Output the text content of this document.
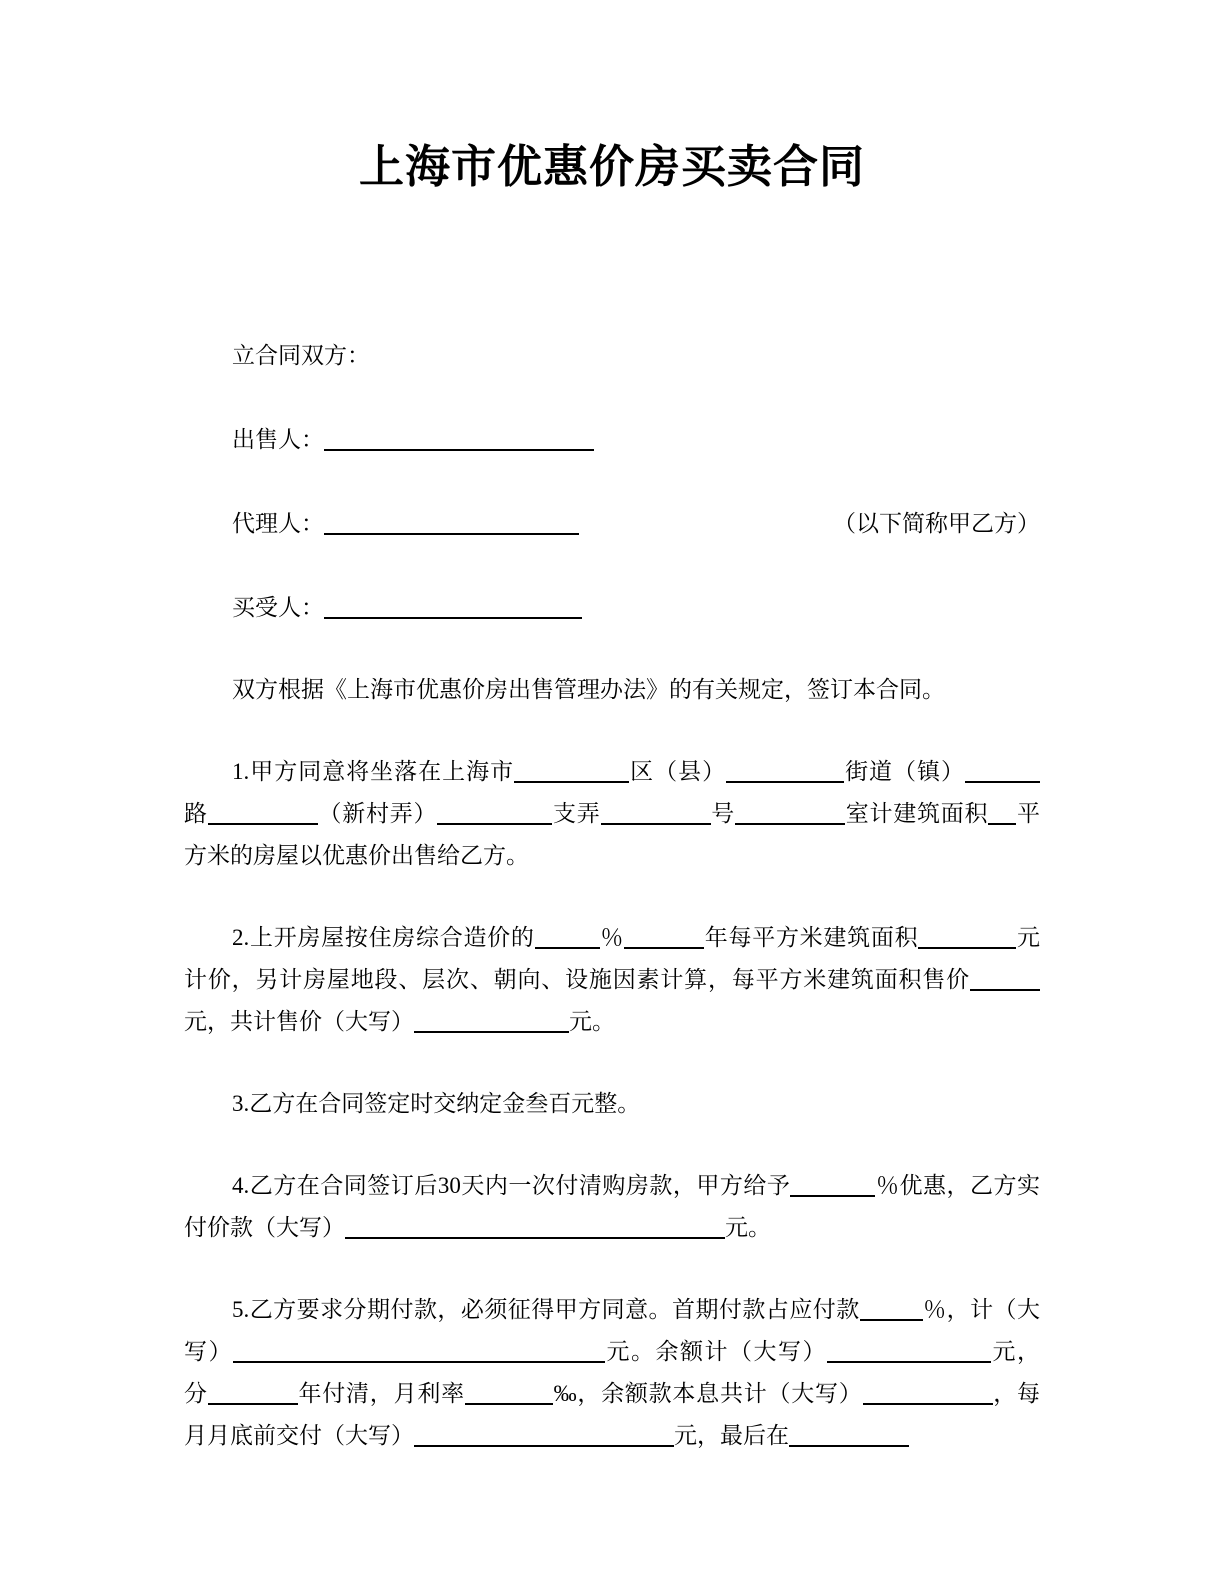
上海市优惠价房买卖合同

立合同双方：

出售人：

代理人：	（以下简称甲乙方）

买受人：

双方根据《上海市优惠价房出售管理办法》的有关规定，签订本合同。

1.甲方同意将坐落在上海市	区（县）	街道（镇）路	（新村弄）	支弄	号	室计建筑面积 平方米的房屋以优惠价出售给乙方。

2.上开房屋按住房综合造价的	％	年每平方米建筑面积	元计价，另计房屋地段、层次、朝向、设施因素计算，每平方米建筑面积售价元，共计售价（大写）	元。

3.乙方在合同签定时交纳定金叁百元整。

4.乙方在合同签订后30天内一次付清购房款，甲方给予	％优惠，乙方实付价款（大写）	元。

5.乙方要求分期付款，必须征得甲方同意。首期付款占应付款	％，计（大写）	元。余额计（大写）	元，分	年付清，月利率	‰，余额款本息共计（大写）	，每月月底前交付（大写）	元，最后在
